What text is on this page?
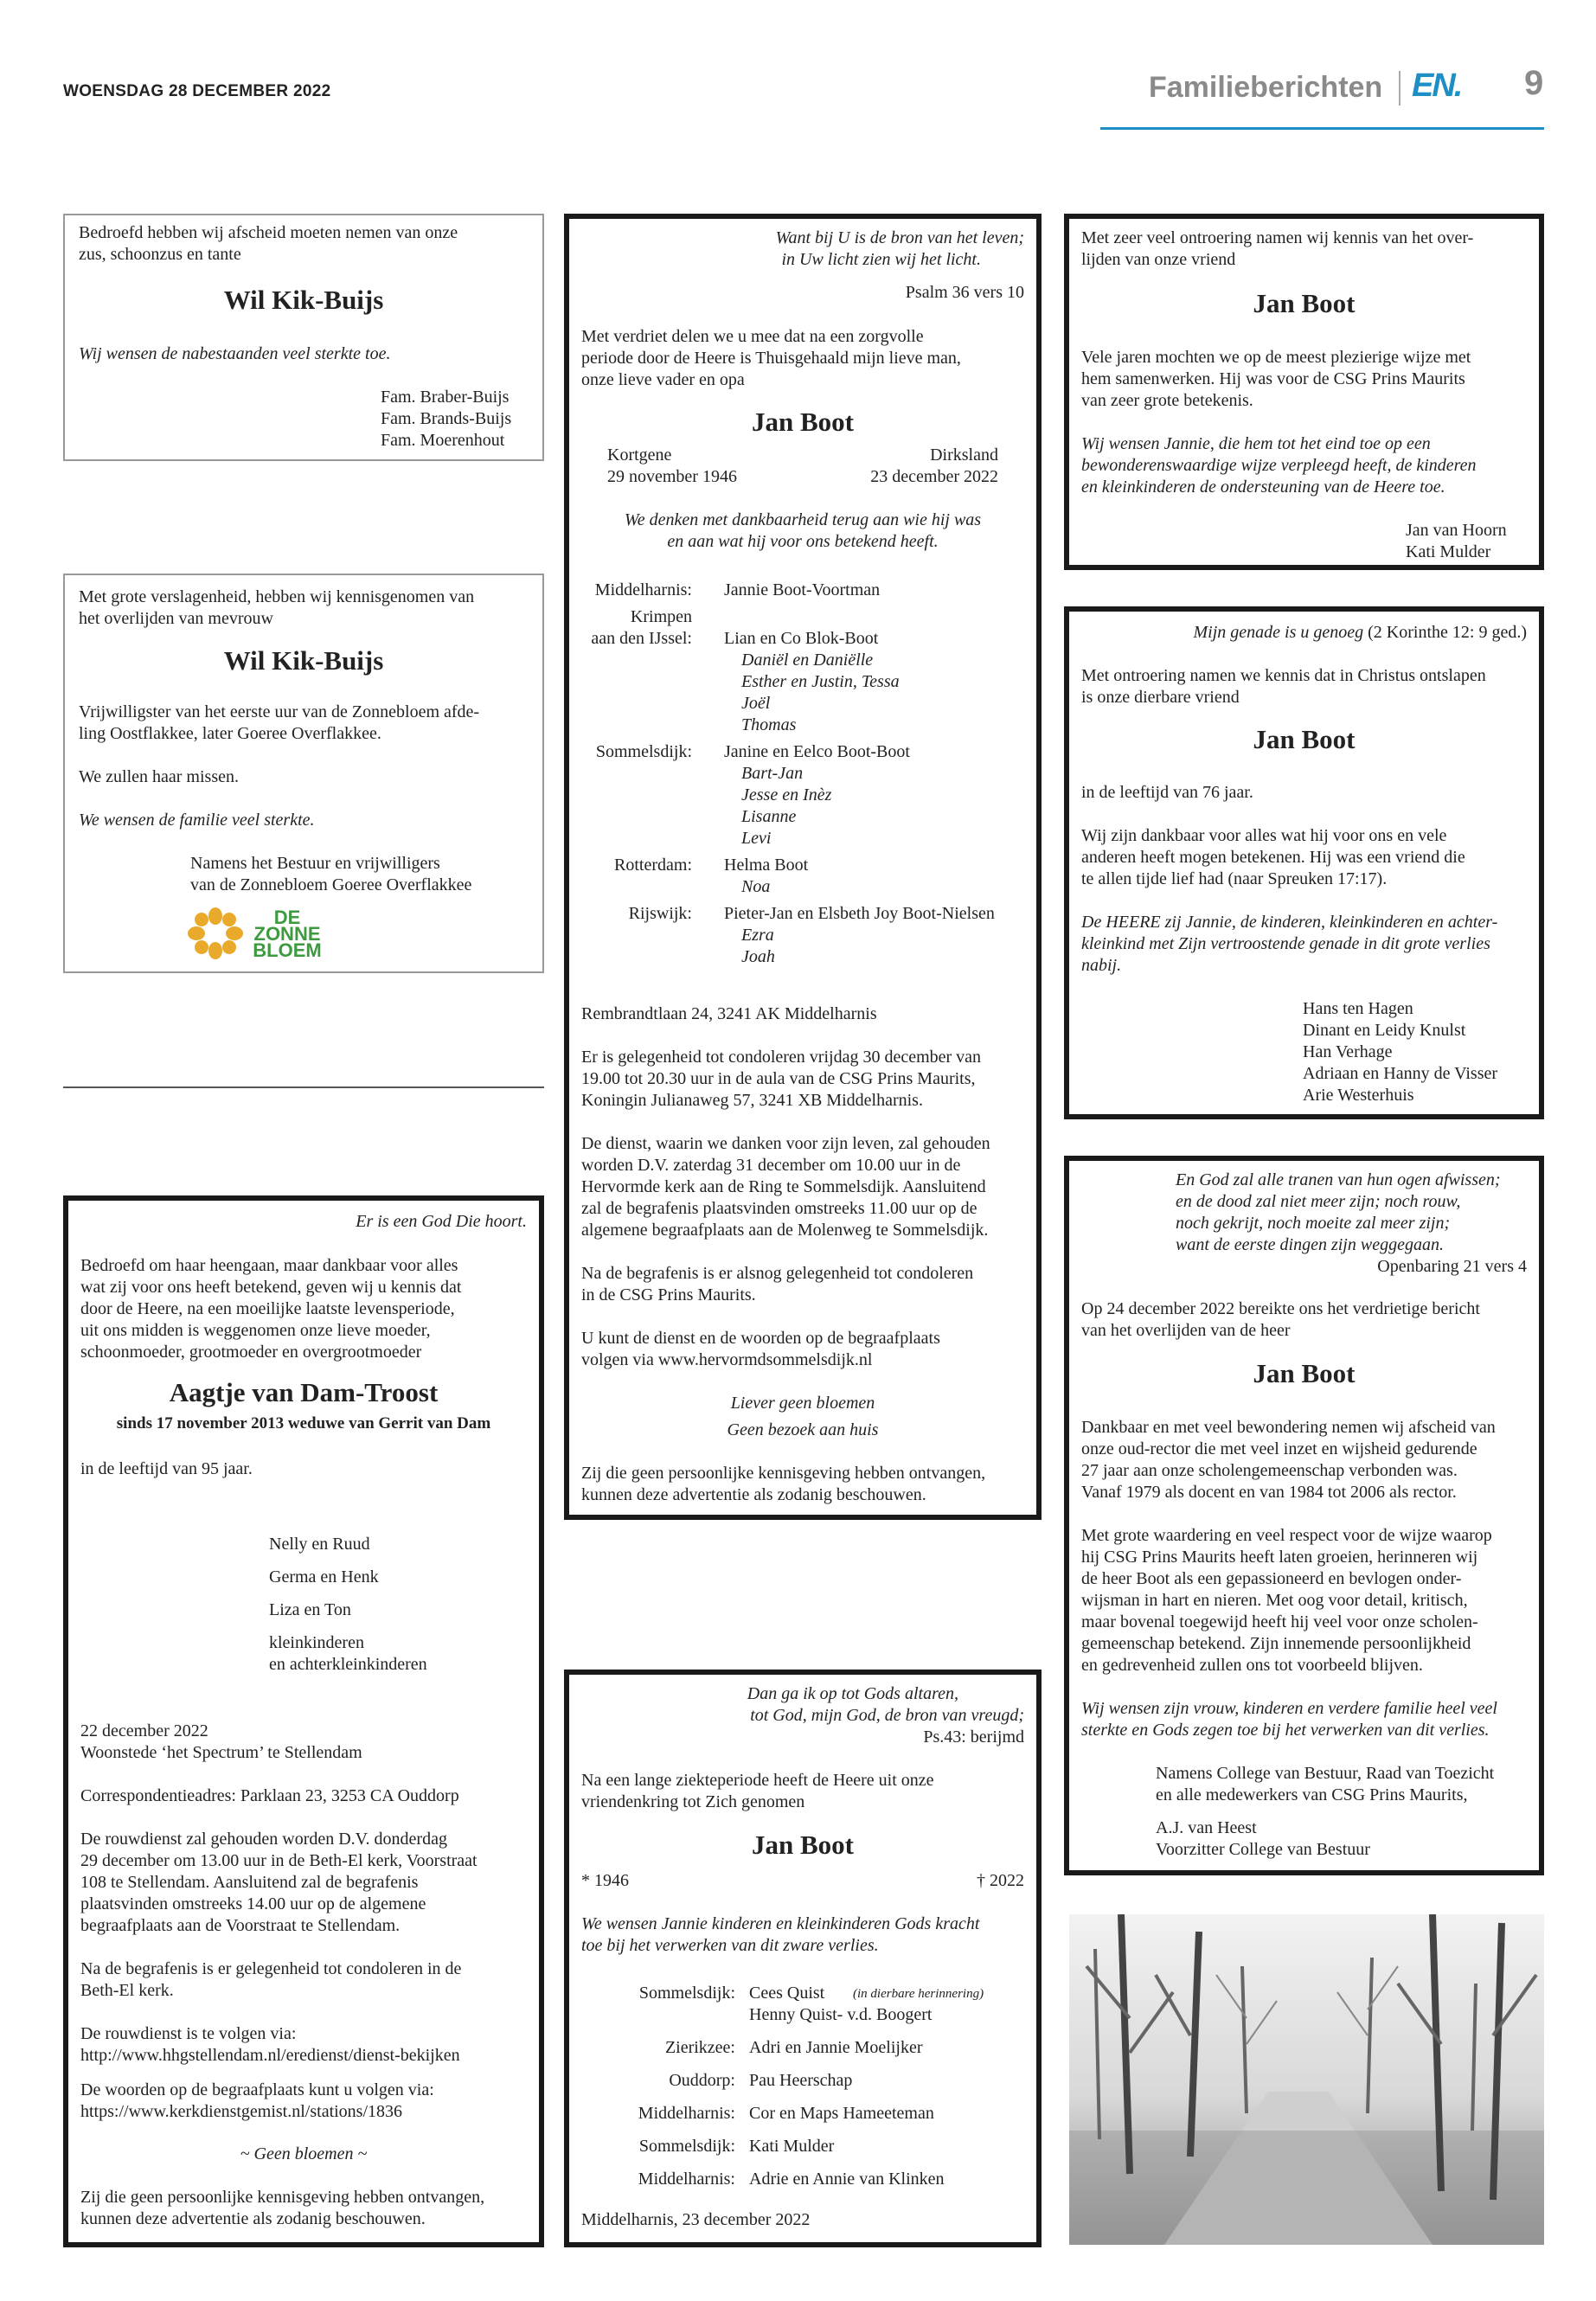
WOENSDAG 28 DECEMBER 2022	Familieberichten EN. 9
Bedroefd hebben wij afscheid moeten nemen van onze
zus, schoonzus en tante
Wil Kik-Buijs
Wij wensen de nabestaanden veel sterkte toe.
Fam. Braber-Buijs
Fam. Brands-Buijs
Fam. Moerenhout
Met grote verslagenheid, hebben wij kennisgenomen van
het overlijden van mevrouw
Wil Kik-Buijs
Vrijwilligster van het eerste uur van de Zonnebloem afde-
ling Oostflakkee, later Goeree Overflakkee.
We zullen haar missen.
We wensen de familie veel sterkte.
Namens het Bestuur en vrijwilligers
van de Zonnebloem Goeree Overflakkee
DE
ZONNE
BLOEM
Er is een God Die hoort.
Bedroefd om haar heengaan, maar dankbaar voor alles
wat zij voor ons heeft betekend, geven wij u kennis dat
door de Heere, na een moeilijke laatste levensperiode,
uit ons midden is weggenomen onze lieve moeder,
schoonmoeder, grootmoeder en overgrootmoeder
Aagtje van Dam-Troost
sinds 17 november 2013 weduwe van Gerrit van Dam
in de leeftijd van 95 jaar.
Nelly en Ruud
Germa en Henk
Liza en Ton
kleinkinderen
en achterkleinkinderen
22 december 2022
Woonstede ‘het Spectrum’ te Stellendam
Correspondentieadres: Parklaan 23, 3253 CA Ouddorp
De rouwdienst zal gehouden worden D.V. donderdag
29 december om 13.00 uur in de Beth-El kerk, Voorstraat
108 te Stellendam. Aansluitend zal de begrafenis
plaatsvinden omstreeks 14.00 uur op de algemene
begraafplaats aan de Voorstraat te Stellendam.
Na de begrafenis is er gelegenheid tot condoleren in de
Beth-El kerk.
De rouwdienst is te volgen via:
http://www.hhgstellendam.nl/eredienst/dienst-bekijken
De woorden op de begraafplaats kunt u volgen via:
https://www.kerkdienstgemist.nl/stations/1836
~ Geen bloemen ~
Zij die geen persoonlijke kennisgeving hebben ontvangen,
kunnen deze advertentie als zodanig beschouwen.
Want bij U is de bron van het leven;
in Uw licht zien wij het licht.
Psalm 36 vers 10
Met verdriet delen we u mee dat na een zorgvolle
periode door de Heere is Thuisgehaald mijn lieve man,
onze lieve vader en opa
Jan Boot
Kortgene
29 november 1946
Dirksland
23 december 2022
We denken met dankbaarheid terug aan wie hij was
en aan wat hij voor ons betekend heeft.
Middelharnis: Jannie Boot-Voortman
Krimpen
aan den IJssel: Lian en Co Blok-Boot
Daniël en Daniëlle
Esther en Justin, Tessa
Joël
Thomas
Sommelsdijk: Janine en Eelco Boot-Boot
Bart-Jan
Jesse en Inèz
Lisanne
Levi
Rotterdam: Helma Boot
Noa
Rijswijk: Pieter-Jan en Elsbeth Joy Boot-Nielsen
Ezra
Joah
Rembrandtlaan 24, 3241 AK Middelharnis
Er is gelegenheid tot condoleren vrijdag 30 december van
19.00 tot 20.30 uur in de aula van de CSG Prins Maurits,
Koningin Julianaweg 57, 3241 XB Middelharnis.
De dienst, waarin we danken voor zijn leven, zal gehouden
worden D.V. zaterdag 31 december om 10.00 uur in de
Hervormde kerk aan de Ring te Sommelsdijk. Aansluitend
zal de begrafenis plaatsvinden omstreeks 11.00 uur op de
algemene begraafplaats aan de Molenweg te Sommelsdijk.
Na de begrafenis is er alsnog gelegenheid tot condoleren
in de CSG Prins Maurits.
U kunt de dienst en de woorden op de begraafplaats
volgen via www.hervormdsommelsdijk.nl
Liever geen bloemen
Geen bezoek aan huis
Zij die geen persoonlijke kennisgeving hebben ontvangen,
kunnen deze advertentie als zodanig beschouwen.
Dan ga ik op tot Gods altaren,
tot God, mijn God, de bron van vreugd;
Ps.43: berijmd
Na een lange ziekteperiode heeft de Heere uit onze
vriendenkring tot Zich genomen
Jan Boot
* 1946	† 2022
We wensen Jannie kinderen en kleinkinderen Gods kracht
toe bij het verwerken van dit zware verlies.
Sommelsdijk: Cees Quist (in dierbare herinnering)
Henny Quist- v.d. Boogert
Zierikzee: Adri en Jannie Moelijker
Ouddorp: Pau Heerschap
Middelharnis: Cor en Maps Hameeteman
Sommelsdijk: Kati Mulder
Middelharnis: Adrie en Annie van Klinken
Middelharnis, 23 december 2022
Met zeer veel ontroering namen wij kennis van het over-
lijden van onze vriend
Jan Boot
Vele jaren mochten we op de meest plezierige wijze met
hem samenwerken. Hij was voor de CSG Prins Maurits
van zeer grote betekenis.
Wij wensen Jannie, die hem tot het eind toe op een
bewonderenswaardige wijze verpleegd heeft, de kinderen
en kleinkinderen de ondersteuning van de Heere toe.
Jan van Hoorn
Kati Mulder
Mijn genade is u genoeg (2 Korinthe 12: 9 ged.)
Met ontroering namen we kennis dat in Christus ontslapen
is onze dierbare vriend
Jan Boot
in de leeftijd van 76 jaar.
Wij zijn dankbaar voor alles wat hij voor ons en vele
anderen heeft mogen betekenen. Hij was een vriend die
te allen tijde lief had (naar Spreuken 17:17).
De HEERE zij Jannie, de kinderen, kleinkinderen en achter-
kleinkind met Zijn vertroostende genade in dit grote verlies
nabij.
Hans ten Hagen
Dinant en Leidy Knulst
Han Verhage
Adriaan en Hanny de Visser
Arie Westerhuis
En God zal alle tranen van hun ogen afwissen;
en de dood zal niet meer zijn; noch rouw,
noch gekrijt, noch moeite zal meer zijn;
want de eerste dingen zijn weggegaan.
Openbaring 21 vers 4
Op 24 december 2022 bereikte ons het verdrietige bericht
van het overlijden van de heer
Jan Boot
Dankbaar en met veel bewondering nemen wij afscheid van
onze oud-rector die met veel inzet en wijsheid gedurende
27 jaar aan onze scholengemeenschap verbonden was.
Vanaf 1979 als docent en van 1984 tot 2006 als rector.
Met grote waardering en veel respect voor de wijze waarop
hij CSG Prins Maurits heeft laten groeien, herinneren wij
de heer Boot als een gepassioneerd en bevlogen onder-
wijsman in hart en nieren. Met oog voor detail, kritisch,
maar bovenal toegewijd heeft hij veel voor onze scholen-
gemeenschap betekend. Zijn innemende persoonlijkheid
en gedrevenheid zullen ons tot voorbeeld blijven.
Wij wensen zijn vrouw, kinderen en verdere familie heel veel
sterkte en Gods zegen toe bij het verwerken van dit verlies.
Namens College van Bestuur, Raad van Toezicht
en alle medewerkers van CSG Prins Maurits,
A.J. van Heest
Voorzitter College van Bestuur
